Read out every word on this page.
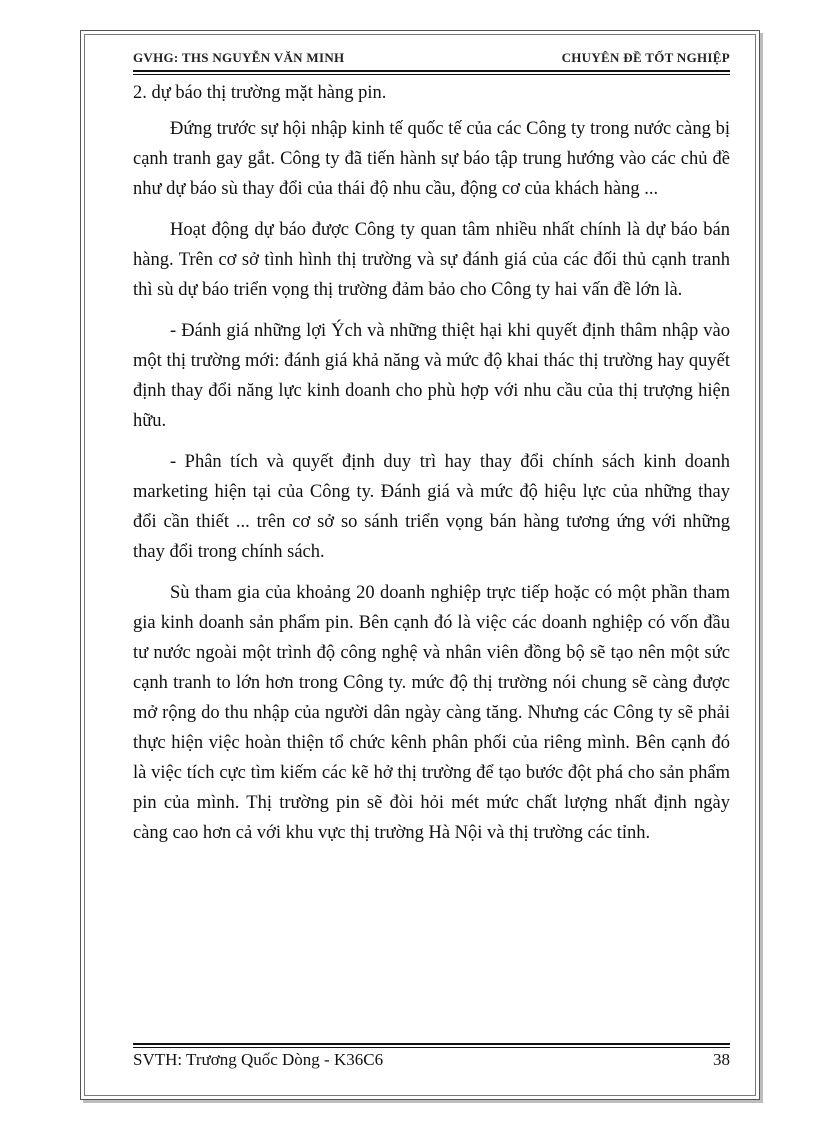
GVHG: THS NGUYỄN VĂN MINH	CHUYÊN ĐỀ TỐT NGHIỆP

2. dự báo thị trường mặt hàng pin.

Đứng trước sự hội nhập kinh tế quốc tế của các Công ty trong nước càng bị cạnh tranh gay gắt. Công ty đã tiến hành sự báo tập trung hướng vào các chủ đề như dự báo sù thay đổi của thái độ nhu cầu, động cơ của khách hàng ...

Hoạt động dự báo được Công ty quan tâm nhiều nhất chính là dự báo bán hàng. Trên cơ sở tình hình thị trường và sự đánh giá của các đối thủ cạnh tranh thì sù dự báo triển vọng thị trường đảm bảo cho Công ty hai vấn đề lớn là.

- Đánh giá những lợi Ých và những thiệt hại khi quyết định thâm nhập vào một thị trường mới: đánh giá khả năng và mức độ khai thác thị trường hay quyết định thay đổi năng lực kinh doanh cho phù hợp với nhu cầu của thị trượng hiện hữu.

- Phân tích và quyết định duy trì hay thay đổi chính sách kinh doanh marketing hiện tại của Công ty. Đánh giá và mức độ hiệu lực của những thay đổi cần thiết ... trên cơ sở so sánh triển vọng bán hàng tương ứng với những thay đổi trong chính sách.

Sù tham gia của khoảng 20 doanh nghiệp trực tiếp hoặc có một phần tham gia kinh doanh sản phẩm pin. Bên cạnh đó là việc các doanh nghiệp có vốn đầu tư nước ngoài một trình độ công nghệ và nhân viên đồng bộ sẽ tạo nên một sức cạnh tranh to lớn hơn trong Công ty. mức độ thị trường nói chung sẽ càng được mở rộng do thu nhập của người dân ngày càng tăng. Nhưng các Công ty sẽ phải thực hiện việc hoàn thiện tổ chức kênh phân phối của riêng mình. Bên cạnh đó là việc tích cực tìm kiếm các kẽ hở thị trường để tạo bước đột phá cho sản phẩm pin của mình. Thị trường pin sẽ đòi hỏi mét mức chất lượng nhất định ngày càng cao hơn cả với khu vực thị trường Hà Nội và thị trường các tỉnh.

SVTH: Trương Quốc Dòng - K36C6	38
